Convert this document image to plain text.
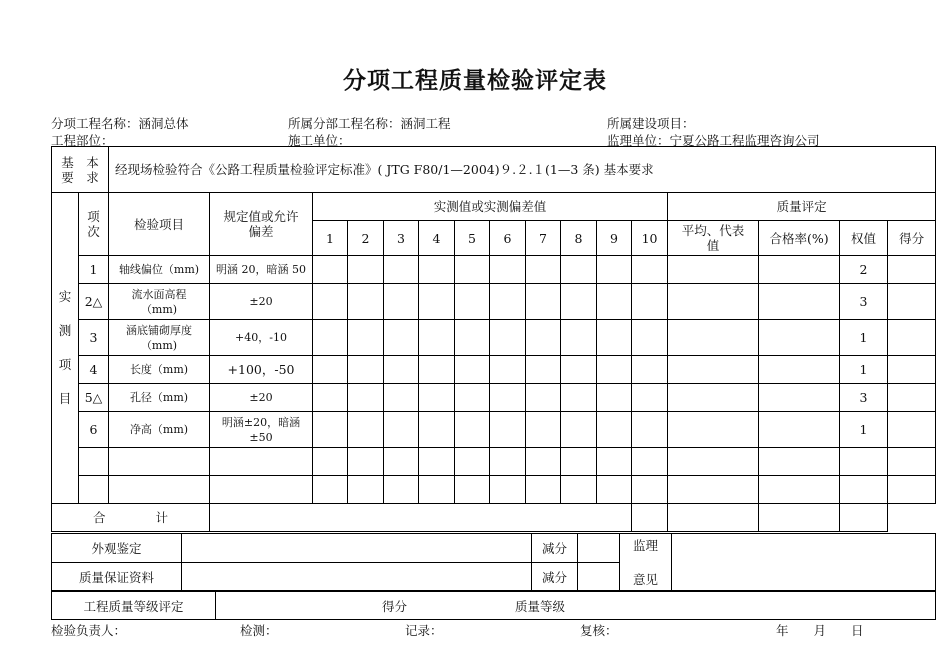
分项工程质量检验评定表
分项工程名称：涵洞总体	所属分部工程名称：涵洞工程	所属建设项目：
工程部位：	施工单位：	监理单位：宁夏公路工程监理咨询公司
基　本
要　求		经现场检验符合《公路工程质量检验评定标准》( JTG F80/1—2004)９.２.１(1—3 条) 基本要求															

实
测
项
目	项次	检验项目	规定值或允许偏差	实测值或实测偏差值										质量评定			
				1	2	3	4	5	6	7	8	9	10	平均、代表值	合格率(%)	权值	得分
	1	轴线偏位（mm)	明涵 20，暗涵 50													2	
	2△	流水面高程（mm)	±20													3	
	3	涵底铺砌厚度（mm)	+40，-10													1	
	4	长度（mm)	+100，-50													1	
	5△	孔径（mm)	±20													3	
	6	净高（mm)	明涵±20，暗涵±50													1	

合　　　　计																	
外观鉴定		减分		监理
意见	

质量保证资料		减分			
工程质量等级评定	得分	质量等级
检验负责人：	检测：	记录：	复核：	年　　月　　日
